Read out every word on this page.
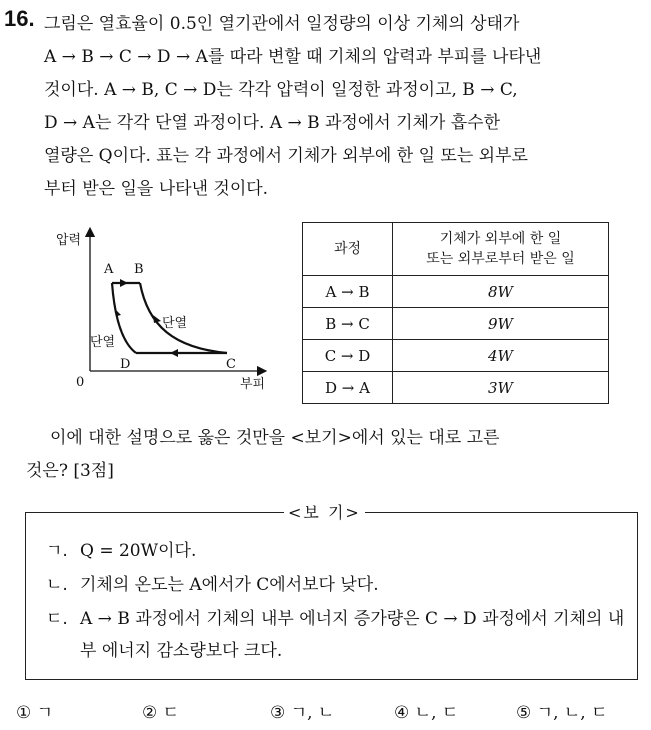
16. 그림은 열효율이 0.5인 열기관에서 일정량의 이상 기체의 상태가

A → B → C → D → A를 따라 변할 때 기체의 압력과 부피를 나타낸

것이다. A → B, C → D는 각각 압력이 일정한 과정이고, B → C,

D → A는 각각 단열 과정이다. A → B 과정에서 기체가 흡수한

열량은 Q이다. 표는 각 과정에서 기체가 외부에 한 일 또는 외부로

부터 받은 일을 나타낸 것이다.

압력
부피
0
A B
C
D
단열
단열
과정	기체가 외부에 한 일
또는 외부로부터 받은 일

A → B	8W
B → C	9W
C → D	4W
D → A	3W

이에 대한 설명으로 옳은 것만을 <보기>에서 있는 대로 고른

것은? [3점]
<보 기>
ㄱ. Q = 20W이다.
ㄴ. 기체의 온도는 A에서가 C에서보다 낮다.
ㄷ. A → B 과정에서 기체의 내부 에너지 증가량은 C → D 과정에서 기체의 내부 에너지 감소량보다 크다.
① ㄱ	② ㄷ	③ ㄱ, ㄴ	④ ㄴ, ㄷ	⑤ ㄱ, ㄴ, ㄷ
